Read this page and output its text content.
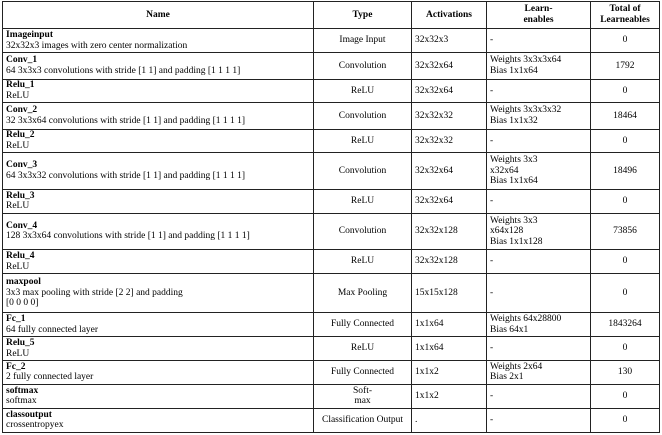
Name	Type	Activations	Learn-
enables	Total of
Learneables

Imageinput
32x32x3 images with zero center normalization	Image Input	32x32x3	-	0

Conv_1
64 3x3x3 convolutions with stride [1 1] and padding [1 1 1 1]	Convolution	32x32x64	Weights 3x3x3x64
Bias 1x1x64	1792

Relu_1
ReLU	ReLU	32x32x64	-	0

Conv_2
32 3x3x64 convolutions with stride [1 1] and padding [1 1 1 1]	Convolution	32x32x32	Weights 3x3x3x32
Bias 1x1x32	18464

Relu_2
ReLU	ReLU	32x32x32	-	0

Conv_3
64 3x3x32 convolutions with stride [1 1] and padding [1 1 1 1]	Convolution	32x32x64	Weights 3x3
x32x64
Bias 1x1x64	18496

Relu_3
ReLU	ReLU	32x32x64	-	0

Conv_4
128 3x3x64 convolutions with stride [1 1] and padding [1 1 1 1]	Convolution	32x32x128	Weights 3x3
x64x128
Bias 1x1x128	73856

Relu_4
ReLU	ReLU	32x32x128	-	0

maxpool
3x3 max pooling with stride [2 2] and padding
[0 0 0 0]	Max Pooling	15x15x128	-	0

Fc_1
64 fully connected layer	Fully Connected	1x1x64	Weights 64x28800
Bias 64x1	1843264

Relu_5
ReLU	ReLU	1x1x64	-	0

Fc_2
2 fully connected layer	Fully Connected	1x1x2	Weights 2x64
Bias 2x1	130

softmax
softmax	Soft-
max	1x1x2	-	0

classoutput
crossentropyex	Classification Output	.	-	0
